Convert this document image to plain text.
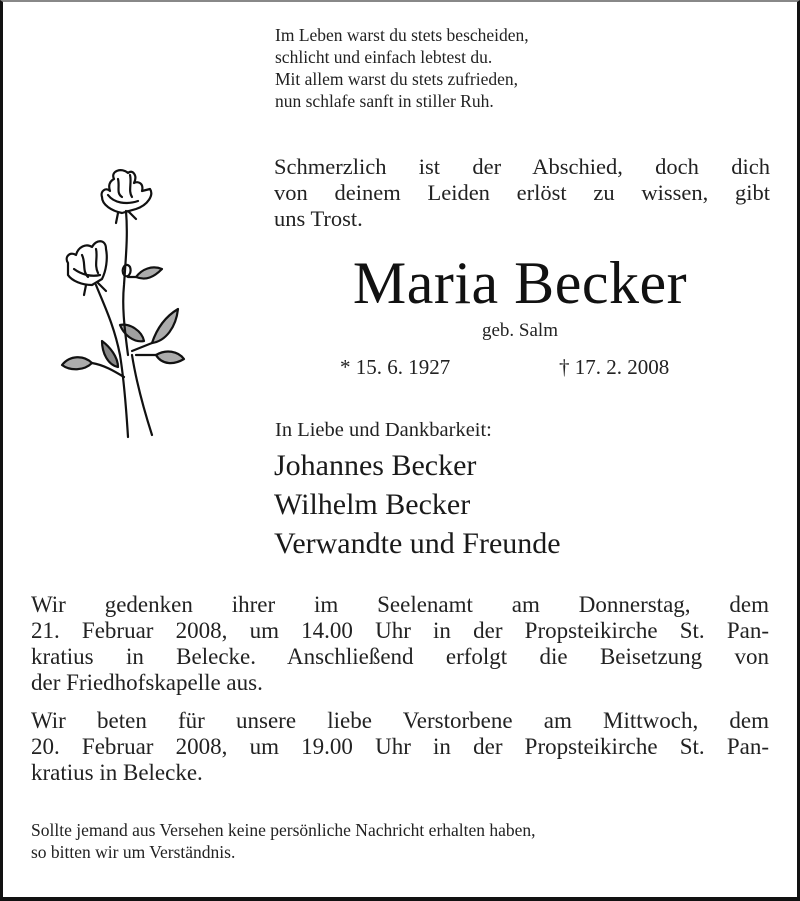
Im Leben warst du stets bescheiden,
schlicht und einfach lebtest du.
Mit allem warst du stets zufrieden,
nun schlafe sanft in stiller Ruh.
Schmerzlich ist der Abschied, doch dich
von deinem Leiden erlöst zu wissen, gibt
uns Trost.
Maria Becker
geb. Salm
* 15. 6. 1927	† 17. 2. 2008
In Liebe und Dankbarkeit:
Johannes Becker
Wilhelm Becker
Verwandte und Freunde
Wir gedenken ihrer im Seelenamt am Donnerstag, dem
21. Februar 2008, um 14.00 Uhr in der Propsteikirche St. Pan-
kratius in Belecke. Anschließend erfolgt die Beisetzung von
der Friedhofskapelle aus.
Wir beten für unsere liebe Verstorbene am Mittwoch, dem
20. Februar 2008, um 19.00 Uhr in der Propsteikirche St. Pan-
kratius in Belecke.
Sollte jemand aus Versehen keine persönliche Nachricht erhalten haben,
so bitten wir um Verständnis.
